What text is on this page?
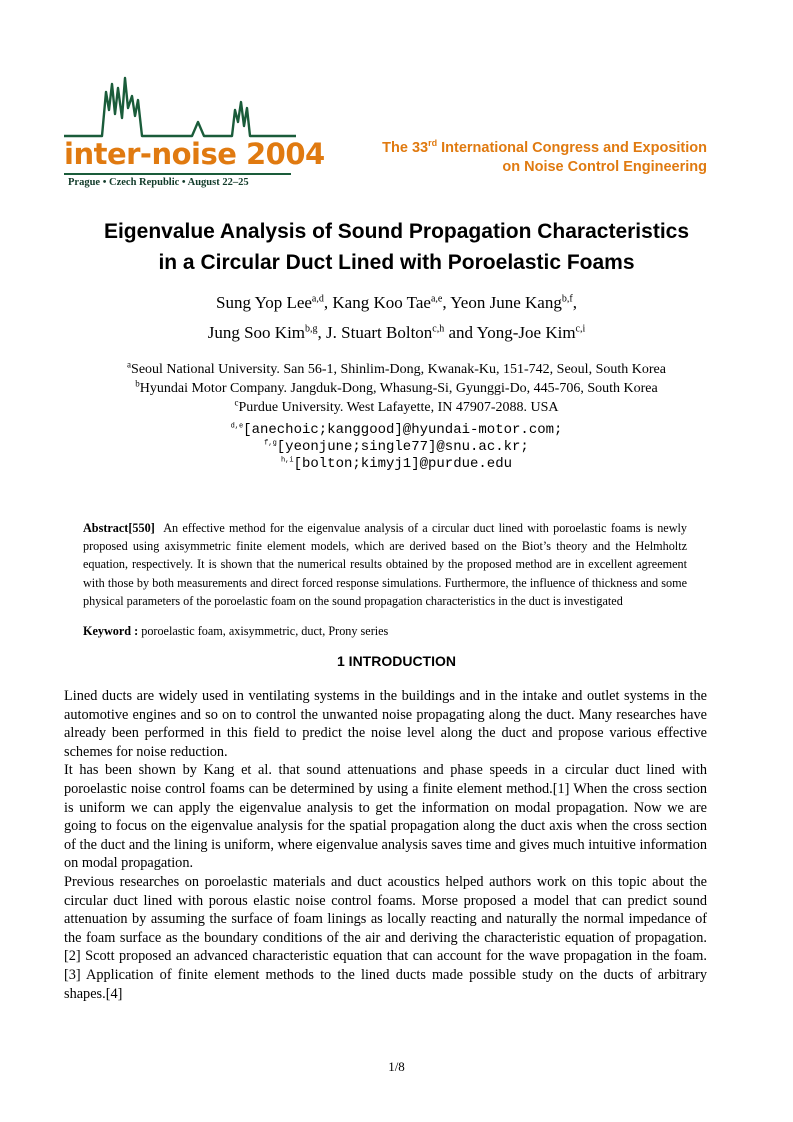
inter-noise 2004
Prague • Czech Republic • August 22–25
The 33rd International Congress and Exposition
on Noise Control Engineering
Eigenvalue Analysis of Sound Propagation Characteristics
in a Circular Duct Lined with Poroelastic Foams
Sung Yop Lee$^{a,d}$, Kang Koo Tae$^{a,e}$, Yeon June Kang$^{b,f}$,
Jung Soo Kim$^{b,g}$, J. Stuart Bolton$^{c,h}$ and Yong-Joe Kim$^{c,i}$
$^a$Seoul National University. San 56-1, Shinlim-Dong, Kwanak-Ku, 151-742, Seoul, South Korea
$^b$Hyundai Motor Company. Jangduk-Dong, Whasung-Si, Gyunggi-Do, 445-706, South Korea
$^c$Purdue University. West Lafayette, IN 47907-2088. USA
$^{d,e}$[anechoic;kanggood]@hyundai-motor.com;
$^{f,g}$[yeonjune;single77]@snu.ac.kr;
$^{h,i}$[bolton;kimyj1]@purdue.edu
Abstract[550] An effective method for the eigenvalue analysis of a circular duct lined with poroelastic foams is newly proposed using axisymmetric finite element models, which are derived based on the Biot’s theory and the Helmholtz equation, respectively. It is shown that the numerical results obtained by the proposed method are in excellent agreement with those by both measurements and direct forced response simulations. Furthermore, the influence of thickness and some physical parameters of the poroelastic foam on the sound propagation characteristics in the duct is investigated
Keyword : poroelastic foam, axisymmetric, duct, Prony series
1 INTRODUCTION

Lined ducts are widely used in ventilating systems in the buildings and in the intake and outlet systems in the automotive engines and so on to control the unwanted noise propagating along the duct. Many researches have already been performed in this field to predict the noise level along the duct and propose various effective schemes for noise reduction.

It has been shown by Kang et al. that sound attenuations and phase speeds in a circular duct lined with poroelastic noise control foams can be determined by using a finite element method.[1] When the cross section is uniform we can apply the eigenvalue analysis to get the information on modal propagation. Now we are going to focus on the eigenvalue analysis for the spatial propagation along the duct axis when the cross section of the duct and the lining is uniform, where eigenvalue analysis saves time and gives much intuitive information on modal propagation.

Previous researches on poroelastic materials and duct acoustics helped authors work on this topic about the circular duct lined with porous elastic noise control foams. Morse proposed a model that can predict sound attenuation by assuming the surface of foam linings as locally reacting and naturally the normal impedance of the foam surface as the boundary conditions of the air and deriving the characteristic equation of propagation.[2] Scott proposed an advanced characteristic equation that can account for the wave propagation in the foam.[3] Application of finite element methods to the lined ducts made possible study on the ducts of arbitrary shapes.[4]

1/8
